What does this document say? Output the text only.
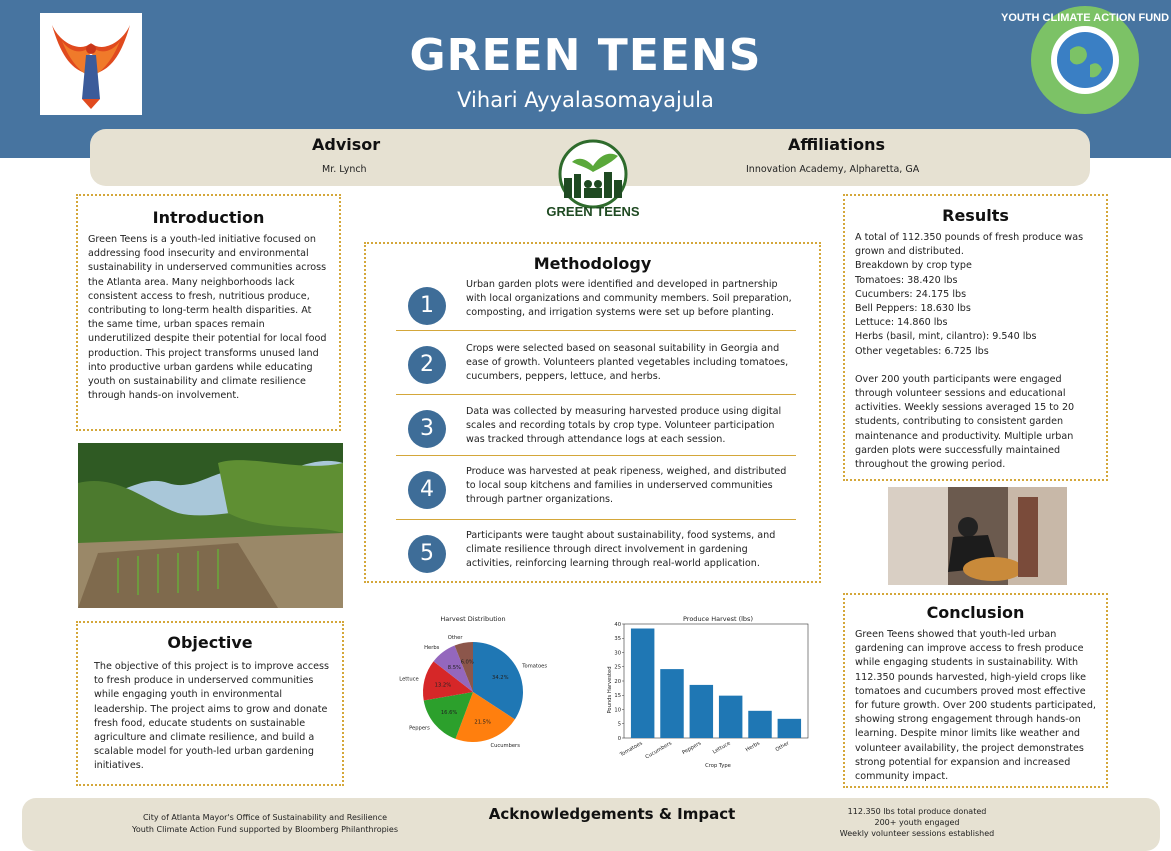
GREEN TEENS
Vihari Ayyalasomayajula
YOUTH CLIMATE ACTION FUND
Advisor
Mr. Lynch
Affiliations
Innovation Academy, Alpharetta, GA
GREEN TEENS
Introduction

Green Teens is a youth-led initiative focused on addressing food insecurity and environmental sustainability in underserved communities across the Atlanta area. Many neighborhoods lack consistent access to fresh, nutritious produce, contributing to long-term health disparities. At the same time, urban spaces remain underutilized despite their potential for local food production. This project transforms unused land into productive urban gardens while educating youth on sustainability and climate resilience through hands-on involvement.

Objective

The objective of this project is to improve access to fresh produce in underserved communities while engaging youth in environmental leadership. The project aims to grow and donate fresh food, educate students on sustainable agriculture and climate resilience, and build a scalable model for youth-led urban gardening initiatives.

Methodology
1
Urban garden plots were identified and developed in partnership with local organizations and community members. Soil preparation, composting, and irrigation systems were set up before planting.
2
Crops were selected based on seasonal suitability in Georgia and ease of growth. Volunteers planted vegetables including tomatoes, cucumbers, peppers, lettuce, and herbs.
3
Data was collected by measuring harvested produce using digital scales and recording totals by crop type. Volunteer participation was tracked through attendance logs at each session.
4
Produce was harvested at peak ripeness, weighed, and distributed to local soup kitchens and families in underserved communities through partner organizations.
5
Participants were taught about sustainability, food systems, and climate resilience through direct involvement in gardening activities, reinforcing learning through real-world application.
Harvest Distribution
34.2%
Tomatoes
21.5%
Cucumbers
16.6%
Peppers
13.2%
Lettuce
8.5%
Herbs
6.0%
Other
Produce Harvest (lbs)
0
5
10
15
20
25
30
35
40
Tomatoes Cucumbers Peppers Lettuce	Herbs	Other
Crop Type
Pounds Harvested
Results

A total of 112.350 pounds of fresh produce was grown and distributed.

Breakdown by crop type

Tomatoes: 38.420 lbs

Cucumbers: 24.175 lbs

Bell Peppers: 18.630 lbs

Lettuce: 14.860 lbs

Herbs (basil, mint, cilantro): 9.540 lbs

Other vegetables: 6.725 lbs

Over 200 youth participants were engaged through volunteer sessions and educational activities. Weekly sessions averaged 15 to 20 students, contributing to consistent garden maintenance and productivity. Multiple urban garden plots were successfully maintained throughout the growing period.

Conclusion

Green Teens showed that youth-led urban gardening can improve access to fresh produce while engaging students in sustainability. With 112.350 pounds harvested, high-yield crops like tomatoes and cucumbers proved most effective for future growth. Over 200 students participated, showing strong engagement through hands-on learning. Despite minor limits like weather and volunteer availability, the project demonstrates strong potential for expansion and increased community impact.

City of Atlanta Mayor's Office of Sustainability and Resilience
Youth Climate Action Fund supported by Bloomberg Philanthropies
Acknowledgements & Impact	112.350 lbs total produce donated
200+ youth engaged
Weekly volunteer sessions established
